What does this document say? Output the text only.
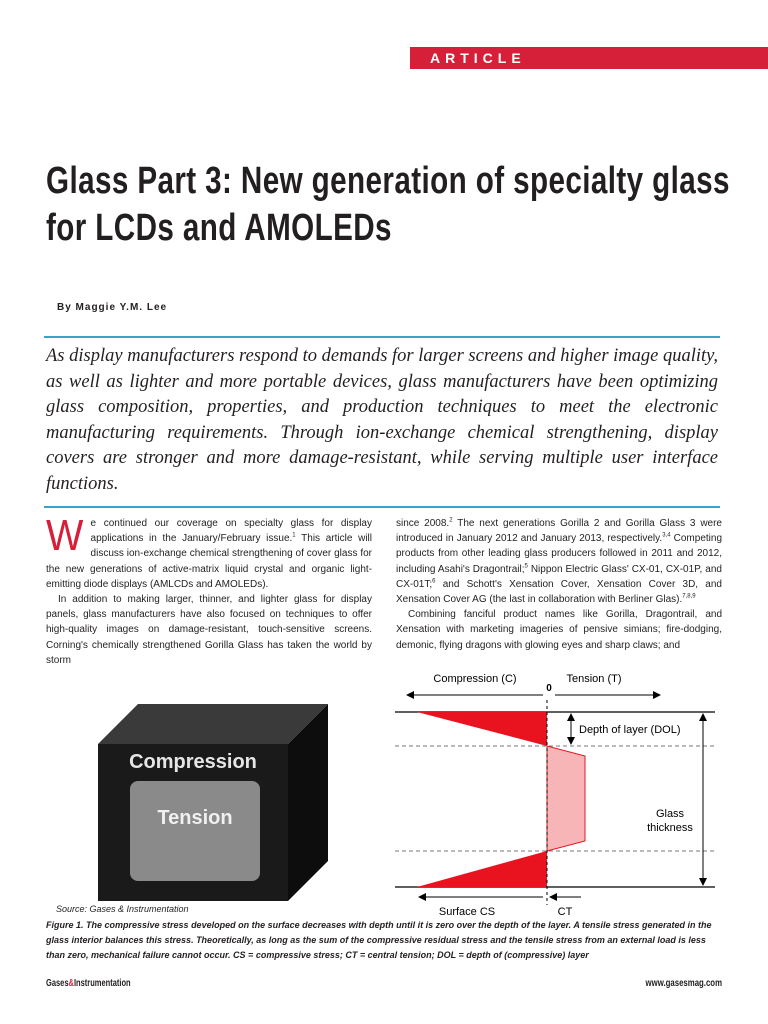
ARTICLE
Glass Part 3: New generation of specialty glass for LCDs and AMOLEDs
By Maggie Y.M. Lee
As display manufacturers respond to demands for larger screens and higher image quality, as well as lighter and more portable devices, glass manufacturers have been optimizing glass composition, properties, and production techniques to meet the electronic manufacturing requirements. Through ion-exchange chemical strengthening, display covers are stronger and more damage-resistant, while serving multiple user interface functions.

We continued our coverage on specialty glass for display applications in the January/February issue.$^1$ This article will discuss ion-exchange chemical strengthening of cover glass for the new generations of active-matrix liquid crystal and organic light-emitting diode displays (AMLCDs and AMOLEDs).

In addition to making larger, thinner, and lighter glass for display panels, glass manufacturers have also focused on techniques to offer high-quality images on damage-resistant, touch-sensitive screens. Corning's chemically strengthened Gorilla Glass has taken the world by storm

since 2008.$^2$ The next generations Gorilla 2 and Gorilla Glass 3 were introduced in January 2012 and January 2013, respectively.$^{3,4}$ Competing products from other leading glass producers followed in 2011 and 2012, including Asahi's Dragontrail;$^5$ Nippon Electric Glass' CX-01, CX-01P, and CX-01T;$^6$ and Schott's Xensation Cover, Xensation Cover 3D, and Xensation Cover AG (the last in collaboration with Berliner Glas).$^{7,8,9}$

Combining fanciful product names like Gorilla, Dragontrail, and Xensation with marketing imageries of pensive simians; fire-dodging, demonic, flying dragons with glowing eyes and sharp claws; and

Compression
Tension
Compression (C)
0
Tension (T)
Depth of layer (DOL)
Glass
thickness
Surface CS	CT
Source: Gases & Instrumentation
Figure 1. The compressive stress developed on the surface decreases with depth until it is zero over the depth of the layer. A tensile stress generated in the glass interior balances this stress. Theoretically, as long as the sum of the compressive residual stress and the tensile stress from an external load is less than zero, mechanical failure cannot occur. CS = compressive stress; CT = central tension; DOL = depth of (compressive) layer
Gases&Instrumentation	www.gasesmag.com
